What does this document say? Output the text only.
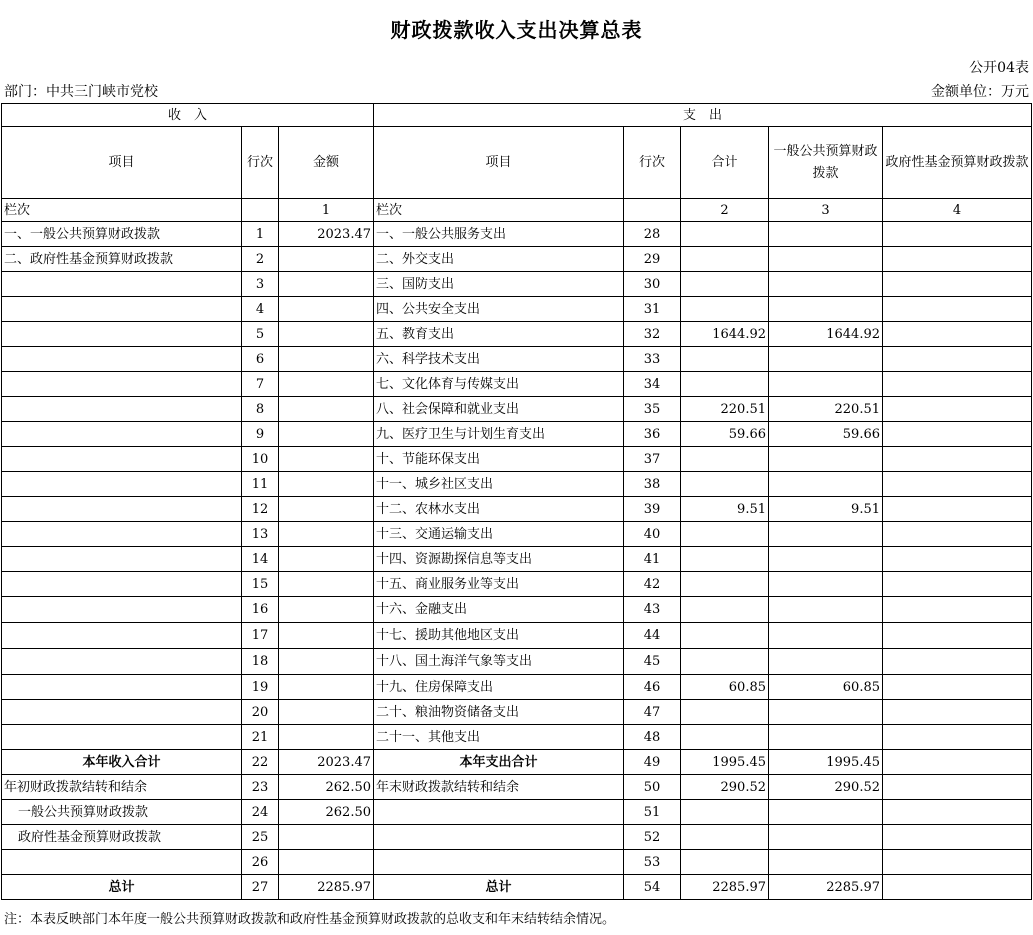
财政拨款收入支出决算总表
公开04表
部门：中共三门峡市党校	金额单位：万元
收　入			支　出				
项目	行次	金额	项目	行次	合计	一般公共预算财政拨款	政府性基金预算财政拨款
栏次		1	栏次		2	3	4
一、一般公共预算财政拨款	1	2023.47	一、一般公共服务支出	28			
二、政府性基金预算财政拨款	2		二、外交支出	29			
	3		三、国防支出	30			
	4		四、公共安全支出	31			
	5		五、教育支出	32	1644.92	1644.92	
	6		六、科学技术支出	33			
	7		七、文化体育与传媒支出	34			
	8		八、社会保障和就业支出	35	220.51	220.51	
	9		九、医疗卫生与计划生育支出	36	59.66	59.66	
	10		十、节能环保支出	37			
	11		十一、城乡社区支出	38			
	12		十二、农林水支出	39	9.51	9.51	
	13		十三、交通运输支出	40			
	14		十四、资源勘探信息等支出	41			
	15		十五、商业服务业等支出	42			
	16		十六、金融支出	43			
	17		十七、援助其他地区支出	44			
	18		十八、国土海洋气象等支出	45			
	19		十九、住房保障支出	46	60.85	60.85	
	20		二十、粮油物资储备支出	47			
	21		二十一、其他支出	48			
本年收入合计	22	2023.47	本年支出合计	49	1995.45	1995.45	
年初财政拨款结转和结余	23	262.50	年末财政拨款结转和结余	50	290.52	290.52	
一般公共预算财政拨款	24	262.50		51			
政府性基金预算财政拨款	25			52			
	26			53			
总计	27	2285.97	总计	54	2285.97	2285.97	
注：本表反映部门本年度一般公共预算财政拨款和政府性基金预算财政拨款的总收支和年末结转结余情况。
